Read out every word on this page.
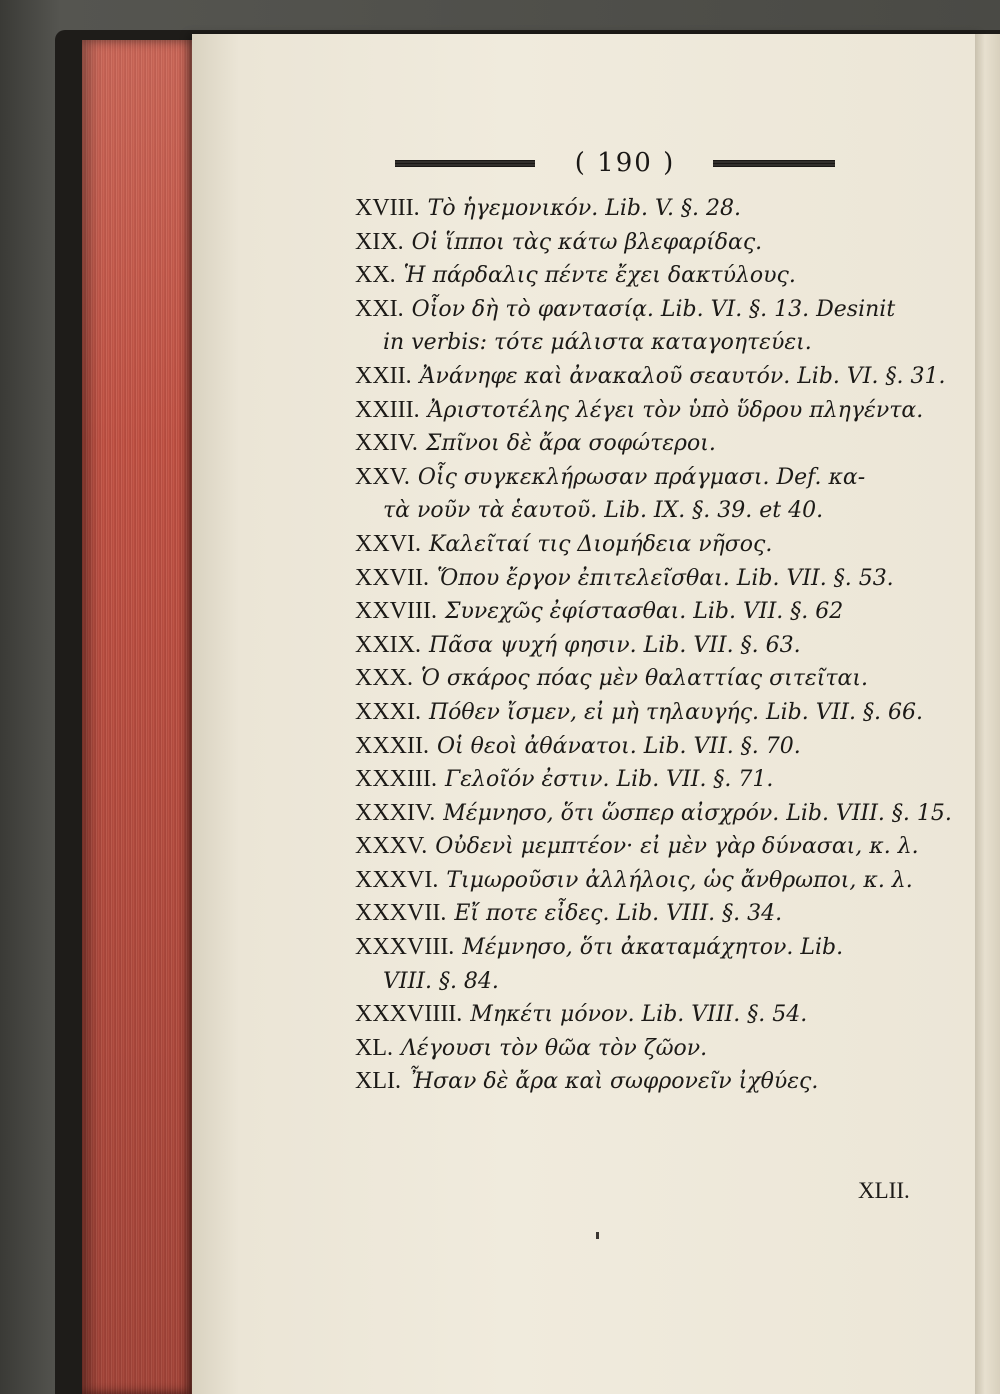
( 190 )
XVIII. Τὸ ἡγεμονικόν. Lib. V. §. 28.
XIX. Οἱ ἵπποι τὰς κάτω βλεφαρίδας.
XX. Ἡ πάρδαλις πέντε ἔχει δακτύλους.
XXI. Οἷον δὴ τὸ φαντασίᾳ. Lib. VI. §. 13. Desinit
in verbis: τότε μάλιστα καταγοητεύει.
XXII. Ἀνάνηφε καὶ ἀνακαλοῦ σεαυτόν. Lib. VI. §. 31.
XXIII. Ἀριστοτέλης λέγει τὸν ὑπὸ ὕδρου πληγέντα.
XXIV. Σπῖνοι δὲ ἄρα σοφώτεροι.
XXV. Οἷς συγκεκλήρωσαν πράγμασι. Def. κα-
τὰ νοῦν τὰ ἑαυτοῦ. Lib. IX. §. 39. et 40.
XXVI. Καλεῖταί τις Διομήδεια νῆσος.
XXVII. Ὅπου ἔργον ἐπιτελεῖσθαι. Lib. VII. §. 53.
XXVIII. Συνεχῶς ἐφίστασθαι. Lib. VII. §. 62
XXIX. Πᾶσα ψυχή φησιν. Lib. VII. §. 63.
XXX. Ὁ σκάρος πόας μὲν θαλαττίας σιτεῖται.
XXXI. Πόθεν ἴσμεν, εἰ μὴ τηλαυγής. Lib. VII. §. 66.
XXXII. Οἱ θεοὶ ἀθάνατοι. Lib. VII. §. 70.
XXXIII. Γελοῖόν ἐστιν. Lib. VII. §. 71.
XXXIV. Μέμνησο, ὅτι ὥσπερ αἰσχρόν. Lib. VIII. §. 15.
XXXV. Οὐδενὶ μεμπτέον· εἰ μὲν γὰρ δύνασαι, κ. λ.
XXXVI. Τιμωροῦσιν ἀλλήλοις, ὡς ἄνθρωποι, κ. λ.
XXXVII. Εἴ ποτε εἶδες. Lib. VIII. §. 34.
XXXVIII. Μέμνησο, ὅτι ἀκαταμάχητον. Lib.
VIII. §. 84.
XXXVIIII. Μηκέτι μόνον. Lib. VIII. §. 54.
XL. Λέγουσι τὸν θῶα τὸν ζῶον.
XLI. Ἦσαν δὲ ἄρα καὶ σωφρονεῖν ἰχθύες.
XLII.
